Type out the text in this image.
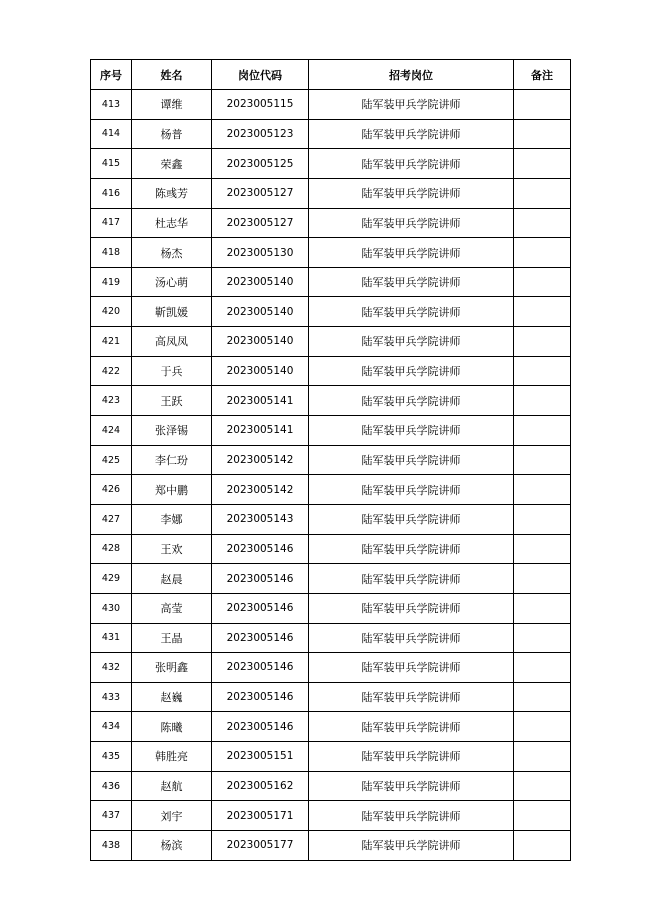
序号	姓名	岗位代码	招考岗位	备注
413	谭维	2023005115	陆军装甲兵学院讲师	
414	杨普	2023005123	陆军装甲兵学院讲师	
415	荣鑫	2023005125	陆军装甲兵学院讲师	
416	陈彧芳	2023005127	陆军装甲兵学院讲师	
417	杜志华	2023005127	陆军装甲兵学院讲师	
418	杨杰	2023005130	陆军装甲兵学院讲师	
419	汤心萌	2023005140	陆军装甲兵学院讲师	
420	靳凯媛	2023005140	陆军装甲兵学院讲师	
421	高凤凤	2023005140	陆军装甲兵学院讲师	
422	于兵	2023005140	陆军装甲兵学院讲师	
423	王跃	2023005141	陆军装甲兵学院讲师	
424	张泽锡	2023005141	陆军装甲兵学院讲师	
425	李仁玢	2023005142	陆军装甲兵学院讲师	
426	郑中鹏	2023005142	陆军装甲兵学院讲师	
427	李娜	2023005143	陆军装甲兵学院讲师	
428	王欢	2023005146	陆军装甲兵学院讲师	
429	赵晨	2023005146	陆军装甲兵学院讲师	
430	高莹	2023005146	陆军装甲兵学院讲师	
431	王晶	2023005146	陆军装甲兵学院讲师	
432	张明鑫	2023005146	陆军装甲兵学院讲师	
433	赵巍	2023005146	陆军装甲兵学院讲师	
434	陈曦	2023005146	陆军装甲兵学院讲师	
435	韩胜亮	2023005151	陆军装甲兵学院讲师	
436	赵航	2023005162	陆军装甲兵学院讲师	
437	刘宇	2023005171	陆军装甲兵学院讲师	
438	杨滨	2023005177	陆军装甲兵学院讲师	
